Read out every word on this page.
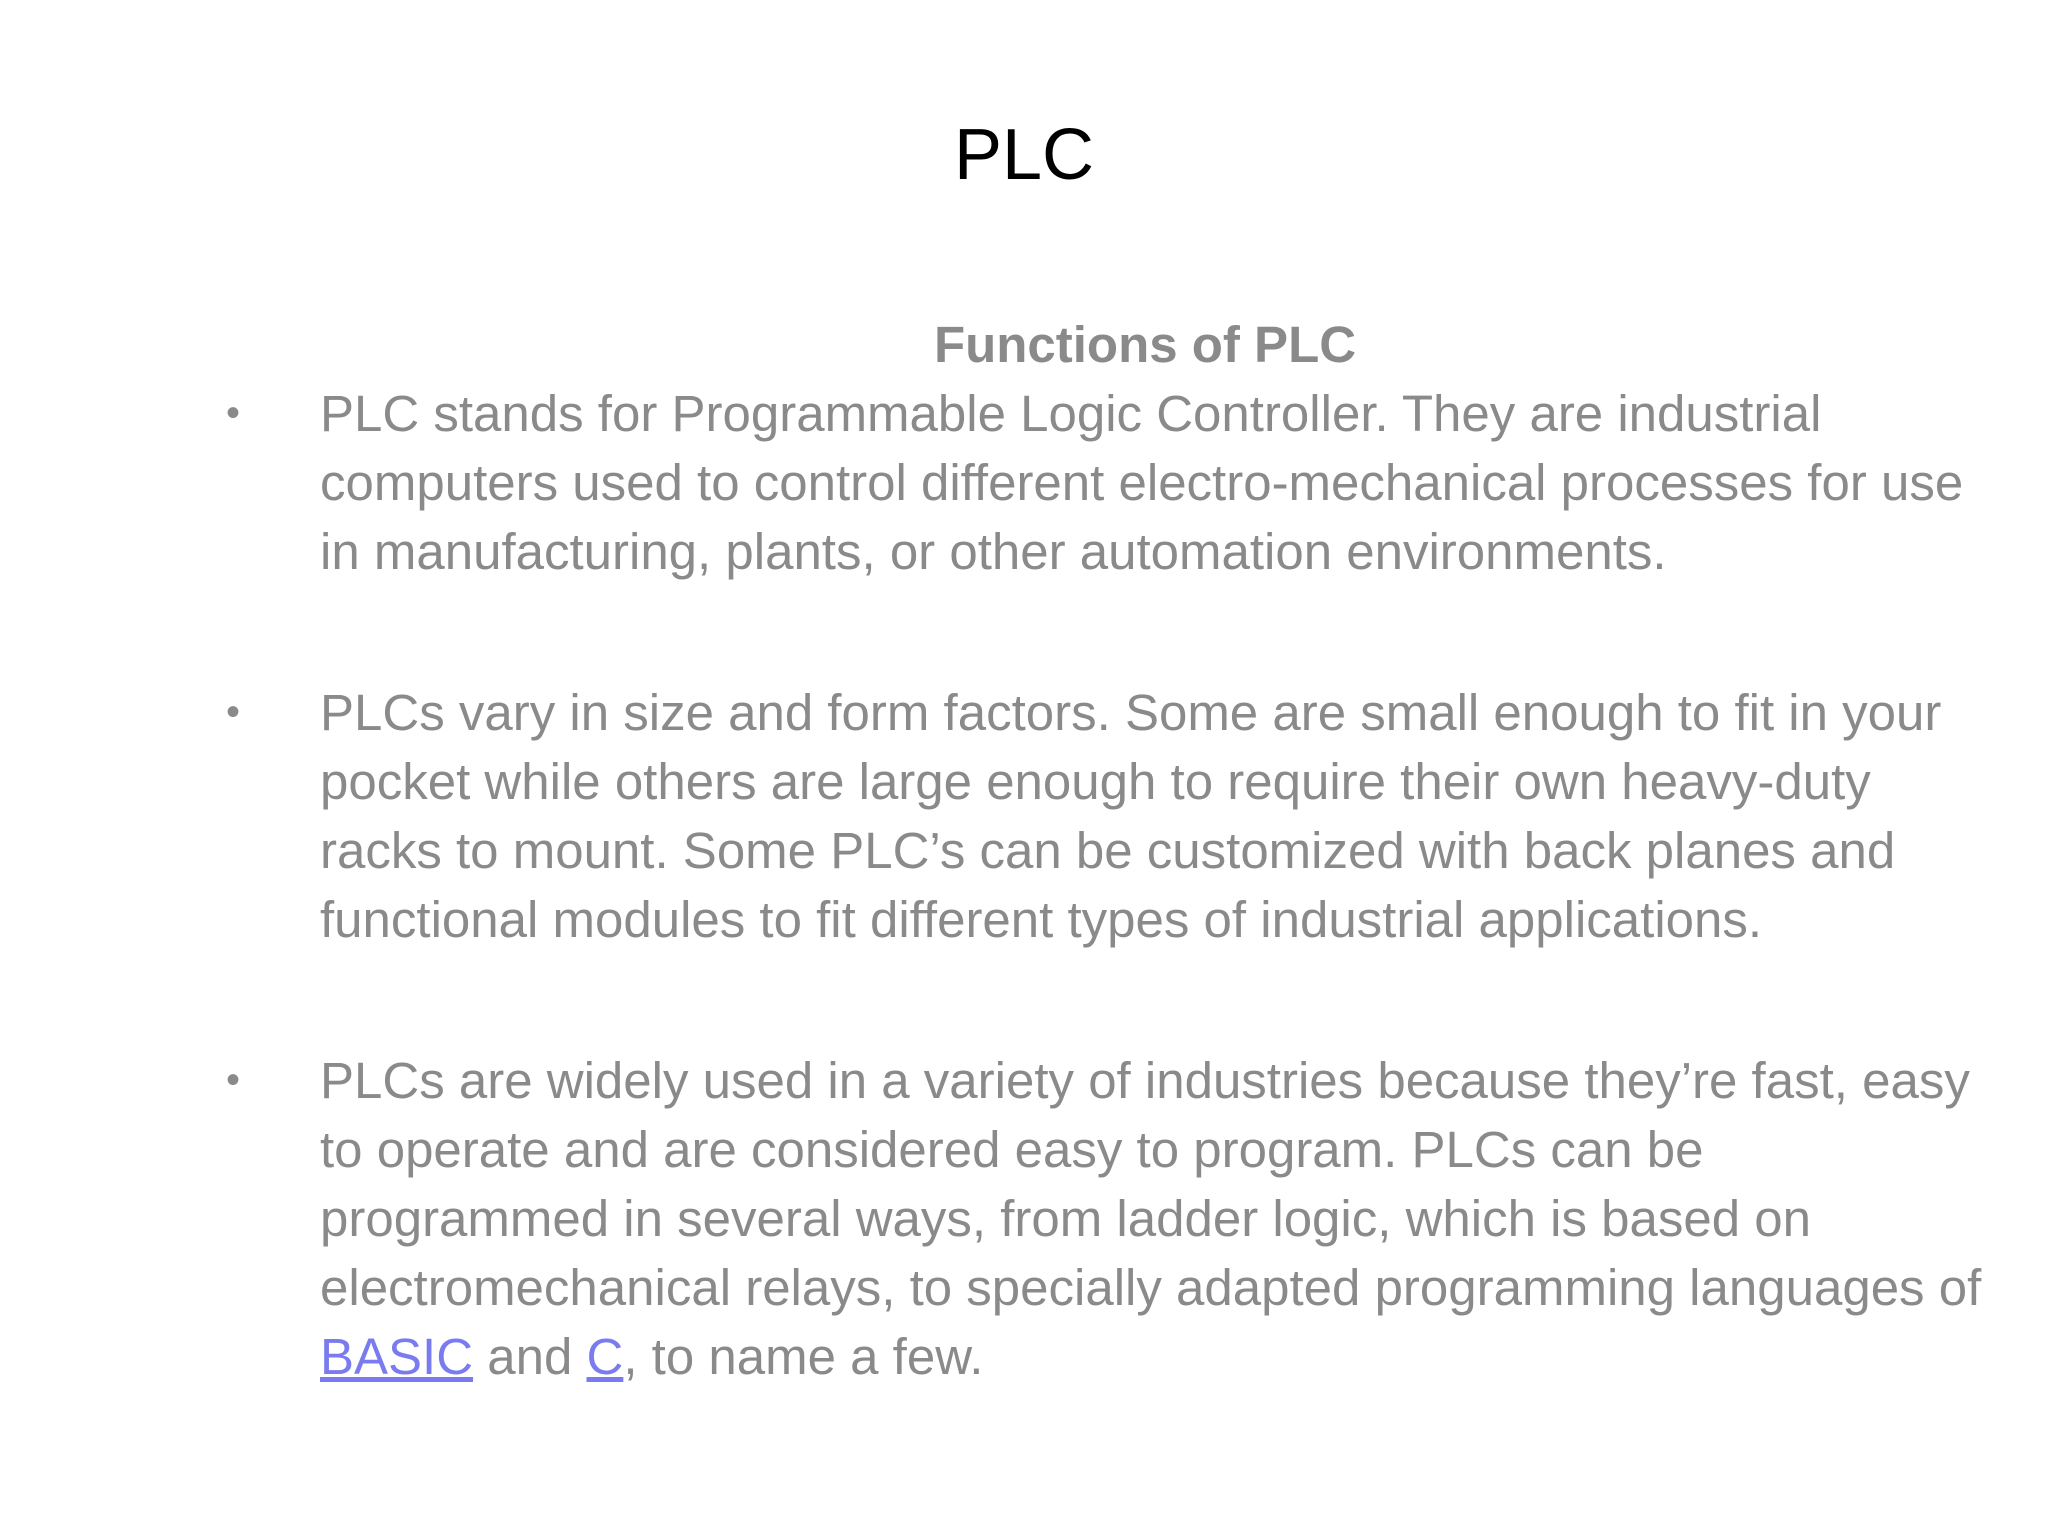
PLC
Functions of PLC
• PLC stands for Programmable Logic Controller. They are industrial computers used to control different electro-mechanical processes for use in manufacturing, plants, or other automation environments.
• PLCs vary in size and form factors. Some are small enough to fit in your pocket while others are large enough to require their own heavy-duty racks to mount. Some PLC’s can be customized with back planes and functional modules to fit different types of industrial applications.
• PLCs are widely used in a variety of industries because they’re fast, easy to operate and are considered easy to program. PLCs can be programmed in several ways, from ladder logic, which is based on electromechanical relays, to specially adapted programming languages of BASIC and C, to name a few.
